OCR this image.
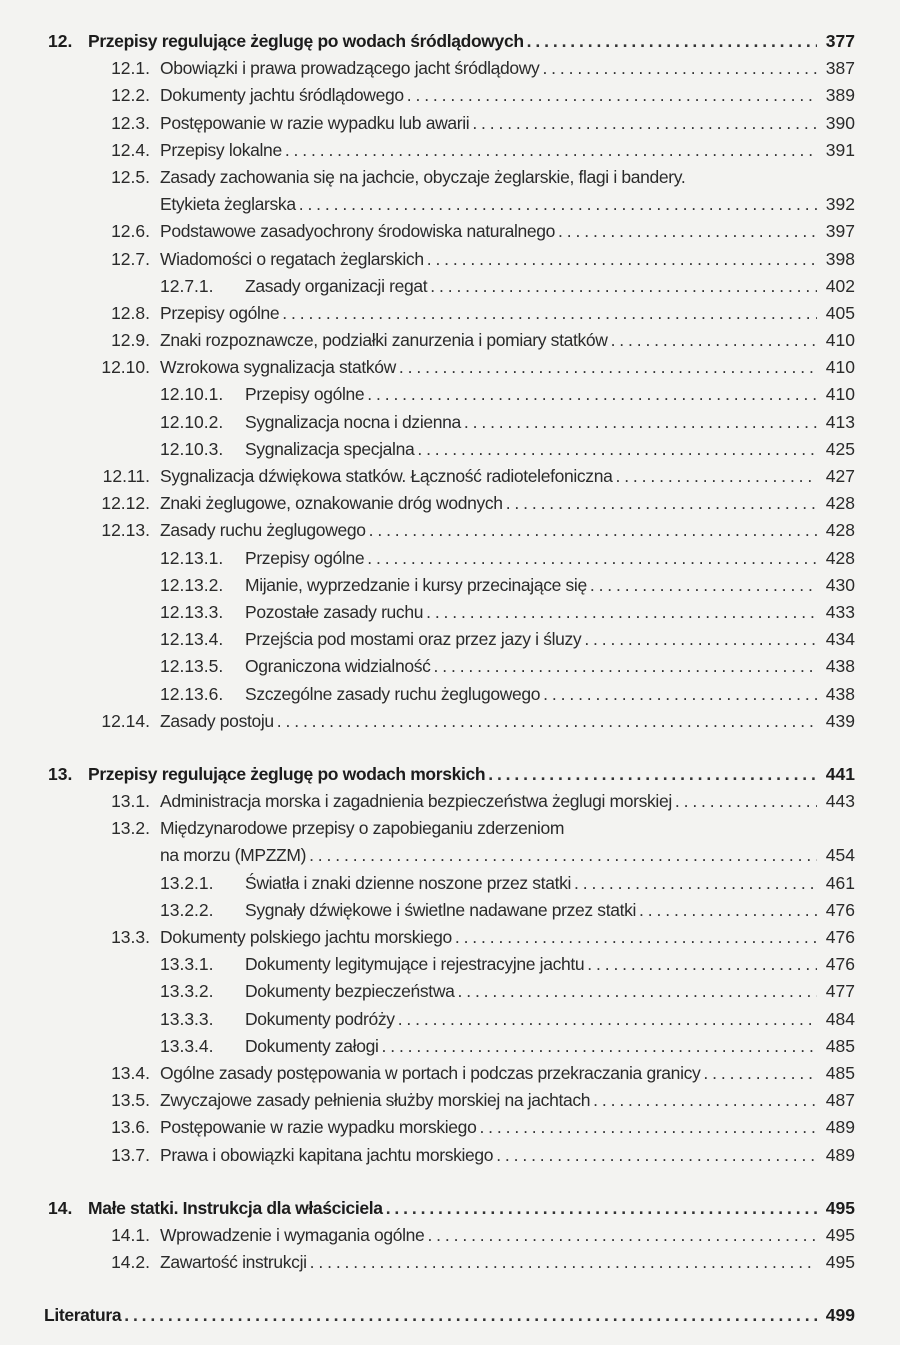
12. Przepisy regulujące żeglugę po wodach śródlądowych . . .	377
12.1. Obowiązki i prawa prowadzącego jacht śródlądowy . . .	387
12.2. Dokumenty jachtu śródlądowego . . .	389
12.3. Postępowanie w razie wypadku lub awarii . . .	390
12.4. Przepisy lokalne . . .	391
12.5. Zasady zachowania się na jachcie, obyczaje żeglarskie, flagi i bandery.
Etykieta żeglarska . . .	392
12.6. Podstawowe zasadyochrony środowiska naturalnego . . .	397
12.7. Wiadomości o regatach żeglarskich . . .	398
12.7.1. Zasady organizacji regat . . .	402
12.8. Przepisy ogólne . . .	405
12.9. Znaki rozpoznawcze, podziałki zanurzenia i pomiary statków . . .	410
12.10. Wzrokowa sygnalizacja statków . . .	410
12.10.1. Przepisy ogólne . . .	410
12.10.2. Sygnalizacja nocna i dzienna . . .	413
12.10.3. Sygnalizacja specjalna . . .	425
12.11. Sygnalizacja dźwiękowa statków. Łączność radiotelefoniczna . . .	427
12.12. Znaki żeglugowe, oznakowanie dróg wodnych . . .	428
12.13. Zasady ruchu żeglugowego . . .	428
12.13.1. Przepisy ogólne . . .	428
12.13.2. Mijanie, wyprzedzanie i kursy przecinające się . . .	430
12.13.3. Pozostałe zasady ruchu . . .	433
12.13.4. Przejścia pod mostami oraz przez jazy i śluzy . . .	434
12.13.5. Ograniczona widzialność . . .	438
12.13.6. Szczególne zasady ruchu żeglugowego . . .	438
12.14. Zasady postoju . . .	439
13. Przepisy regulujące żeglugę po wodach morskich . . .	441
13.1. Administracja morska i zagadnienia bezpieczeństwa żeglugi morskiej . . .	443
13.2. Międzynarodowe przepisy o zapobieganiu zderzeniom
na morzu (MPZZM) . . .	454
13.2.1. Światła i znaki dzienne noszone przez statki . . .	461
13.2.2. Sygnały dźwiękowe i świetlne nadawane przez statki . . .	476
13.3. Dokumenty polskiego jachtu morskiego . . .	476
13.3.1. Dokumenty legitymujące i rejestracyjne jachtu . . .	476
13.3.2. Dokumenty bezpieczeństwa . . .	477
13.3.3. Dokumenty podróży . . .	484
13.3.4. Dokumenty załogi . . .	485
13.4. Ogólne zasady postępowania w portach i podczas przekraczania granicy . . .	485
13.5. Zwyczajowe zasady pełnienia służby morskiej na jachtach . . .	487
13.6. Postępowanie w razie wypadku morskiego . . .	489
13.7. Prawa i obowiązki kapitana jachtu morskiego . . .	489
14. Małe statki. Instrukcja dla właściciela . . .	495
14.1. Wprowadzenie i wymagania ogólne . . .	495
14.2. Zawartość instrukcji . . .	495
Literatura . . .	499
